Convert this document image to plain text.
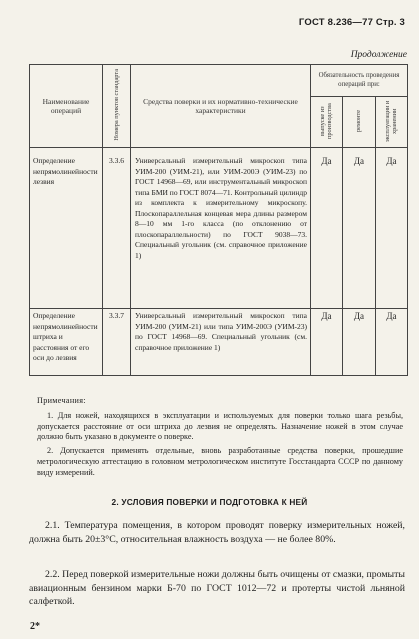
ГОСТ 8.236—77 Стр. 3
Продолжение
Наименование операций	Номера пунктов стандарта	Средства поверки и их нормативно-технические характеристики	Обязательность проведения операций при:		
			выпуске из производства	ремонте	эксплуатации и хранении
Определение непрямолинейности лезвия	3.3.6	Универсальный измерительный микроскоп типа УИМ-200 (УИМ-21), или УИМ-200Э (УИМ-23) по ГОСТ 14968—69, или инструментальный микроскоп типа БМИ по ГОСТ 8074—71. Контрольный цилиндр из комплекта к измерительному микроскопу. Плоскопараллельная концевая мера длины размером 8—10 мм 1-го класса (по отклонению от плоскопараллельности) по ГОСТ 9038—73. Специальный угольник (см. справочное приложение 1)	Да	Да	Да
Определение непрямолинейности штриха и расстояния от его оси до лезвия	3.3.7	Универсальный измерительный микроскоп типа УИМ-200 (УИМ-21) или типа УИМ-200Э (УИМ-23) по ГОСТ 14968—69. Специальный угольник (см. справочное приложение 1)	Да	Да	Да

Примечания:

1. Для ножей, находящихся в эксплуатации и используемых для поверки только шага резьбы, допускается расстояние от оси штриха до лезвия не определять. Назначение ножей в этом случае должно быть указано в документе о поверке.

2. Допускается применять отдельные, вновь разработанные средства поверки, прошедшие метрологическую аттестацию в головном метрологическом институте Госстандарта СССР по данному виду измерений.

2. УСЛОВИЯ ПОВЕРКИ И ПОДГОТОВКА К НЕЙ

2.1. Температура помещения, в котором проводят поверку измерительных ножей, должна быть 20±3°С, относительная влажность воздуха — не более 80%.

2.2. Перед поверкой измерительные ножи должны быть очищены от смазки, промыты авиационным бензином марки Б-70 по ГОСТ 1012—72 и протерты чистой льняной салфеткой.

2*
